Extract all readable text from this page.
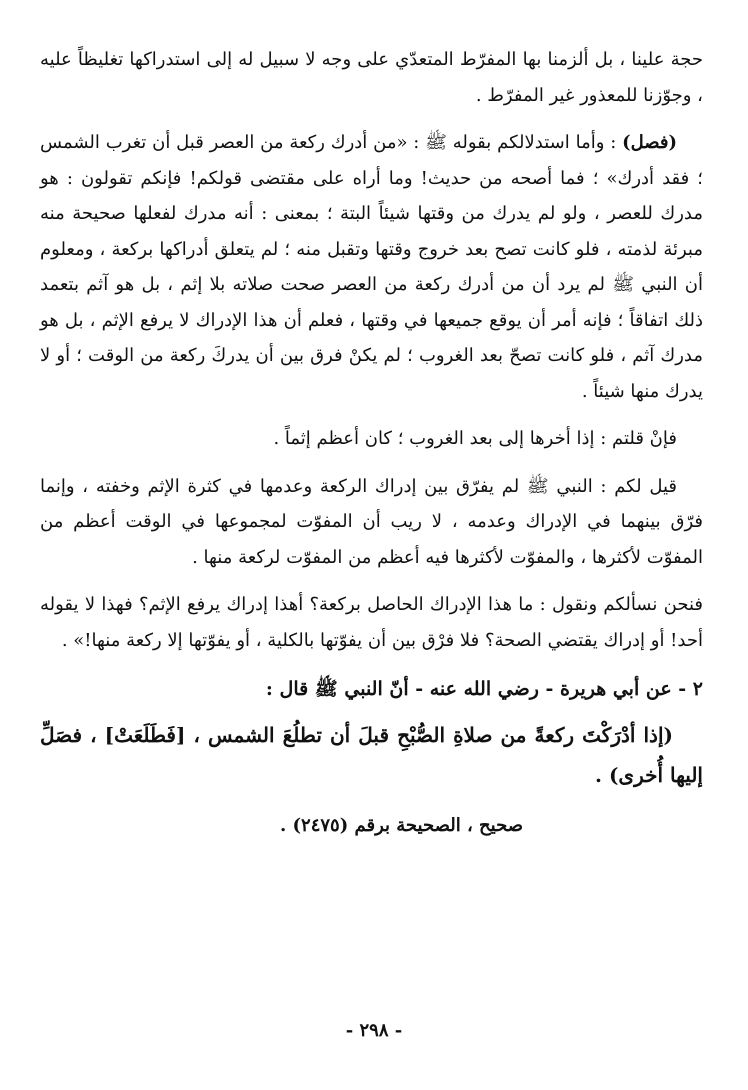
حجة علينا ، بل ألزمنا بها المفرّط المتعدّي على وجه لا سبيل له إلى استدراكها تغليظاً عليه ، وجوّزنا للمعذور غير المفرّط .

(فصل) : وأما استدلالكم بقوله ﷺ : «من أدرك ركعة من العصر قبل أن تغرب الشمس ؛ فقد أدرك» ؛ فما أصحه من حديث! وما أراه على مقتضى قولكم! فإنكم تقولون : هو مدرك للعصر ، ولو لم يدرك من وقتها شيئاً البتة ؛ بمعنى : أنه مدرك لفعلها صحيحة منه مبرئة لذمته ، فلو كانت تصح بعد خروج وقتها وتقبل منه ؛ لم يتعلق أدراكها بركعة ، ومعلوم أن النبي ﷺ لم يرد أن من أدرك ركعة من العصر صحت صلاته بلا إثم ، بل هو آثم بتعمد ذلك اتفاقاً ؛ فإنه أمر أن يوقع جميعها في وقتها ، فعلم أن هذا الإدراك لا يرفع الإثم ، بل هو مدرك آثم ، فلو كانت تصحّ بعد الغروب ؛ لم يكنْ فرق بين أن يدركَ ركعة من الوقت ؛ أو لا يدرك منها شيئاً .

فإنْ قلتم : إذا أخرها إلى بعد الغروب ؛ كان أعظم إثماً .

قيل لكم : النبي ﷺ لم يفرّق بين إدراك الركعة وعدمها في كثرة الإثم وخفته ، وإنما فرّق بينهما في الإدراك وعدمه ، لا ريب أن المفوّت لمجموعها في الوقت أعظم من المفوّت لأكثرها ، والمفوّت لأكثرها فيه أعظم من المفوّت لركعة منها .

فنحن نسألكم ونقول : ما هذا الإدراك الحاصل بركعة؟ أهذا إدراك يرفع الإثم؟ فهذا لا يقوله أحد! أو إدراك يقتضي الصحة؟ فلا فرْق بين أن يفوّتها بالكلية ، أو يفوّتها إلا ركعة منها!» .

٢ - عن أبي هريرة - رضي الله عنه - أنّ النبي ﷺ قال :

(إذا أدْرَكْتَ ركعةً من صلاةِ الصُّبْحِ قبلَ أن تطلُعَ الشمس ، [فَطَلَعَتْ] ، فصَلِّ إليها أُخرى) .

صحيح ، الصحيحة برقم (٢٤٧٥) .

- ٢٩٨ -
